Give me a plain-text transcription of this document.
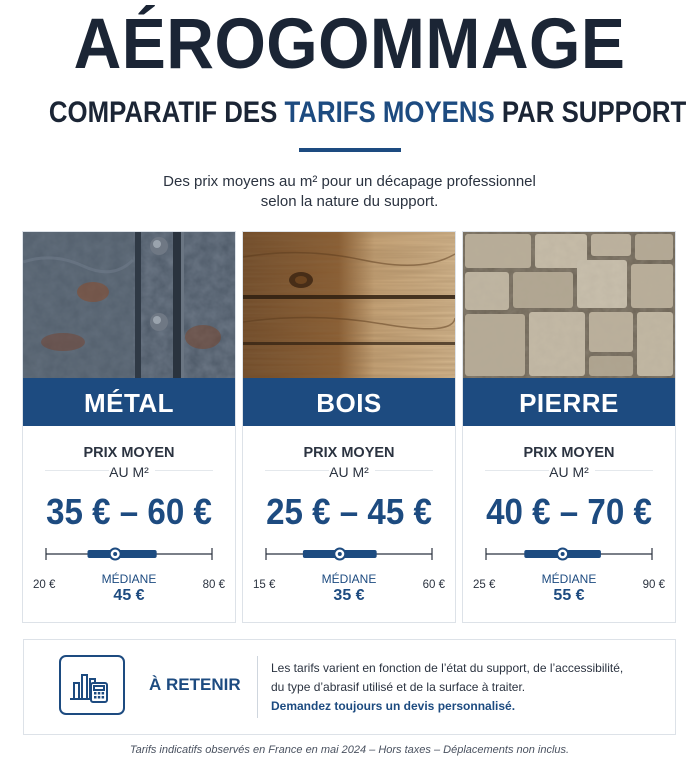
AÉROGOMMAGE
COMPARATIF DES TARIFS MOYENS PAR SUPPORT
Des prix moyens au m² pour un décapage professionnel
selon la nature du support.
MÉTAL
PRIX MOYEN
AU M²
35 € – 60 €
20 €	80 €
MÉDIANE
45 €
BOIS
PRIX MOYEN
AU M²
25 € – 45 €
15 €	60 €
MÉDIANE
35 €
PIERRE
PRIX MOYEN
AU M²
40 € – 70 €
25 €	90 €
MÉDIANE
55 €
À RETENIR
Les tarifs varient en fonction de l’état du support, de l’accessibilité,
du type d’abrasif utilisé et de la surface à traiter.
Demandez toujours un devis personnalisé.
Tarifs indicatifs observés en France en mai 2024 – Hors taxes – Déplacements non inclus.
